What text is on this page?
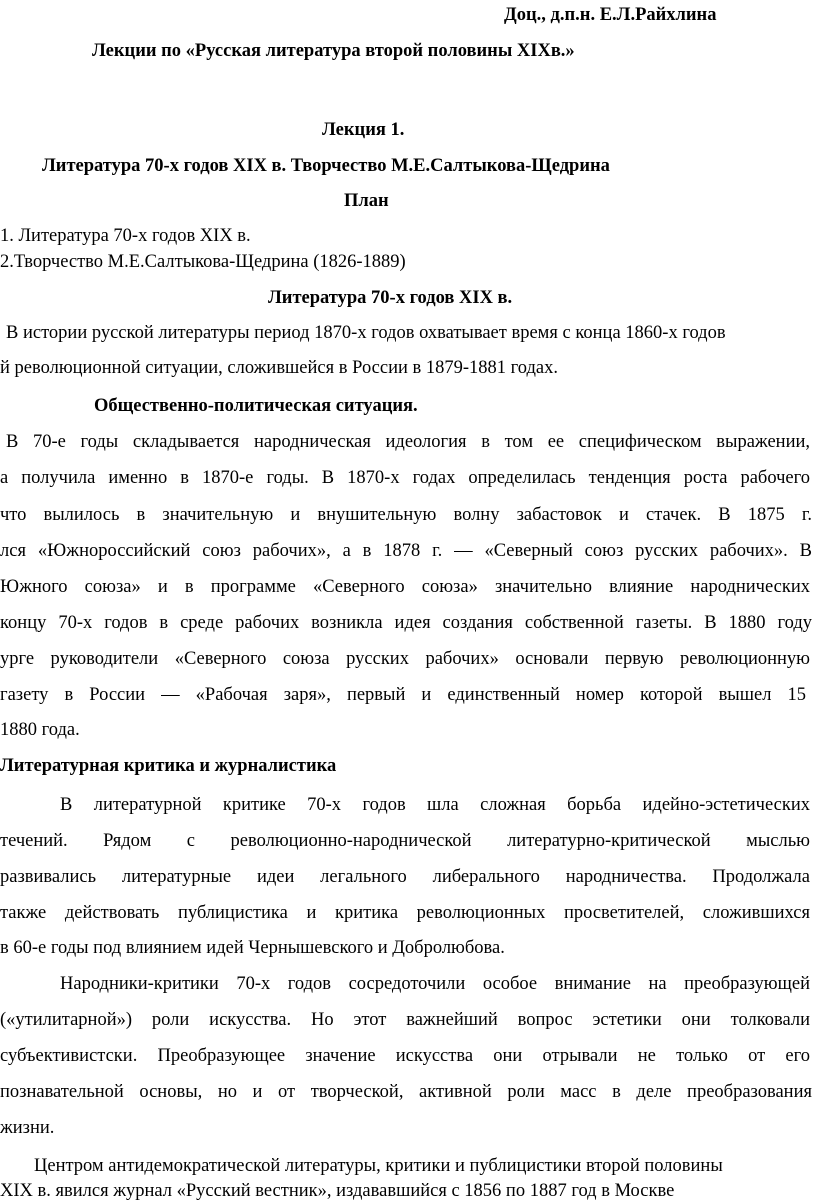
Доц., д.п.н. Е.Л.Райхлина
Лекции по «Русская литература второй половины XIXв.»
Лекция 1.
Литература 70-х годов XIX в. Творчество М.Е.Салтыкова-Щедрина
План
1. Литература 70-х годов XIX в.
2.Творчество М.Е.Салтыкова-Щедрина (1826-1889)
Литература 70-х годов XIX в.
В истории русской литературы период 1870-х годов охватывает время с конца 1860-х годов
й революционной ситуации, сложившейся в России в 1879-1881 годах.
Общественно-политическая ситуация.
В 70-е годы складывается народническая идеология в том ее специфическом выражении,
а получила именно в 1870-е годы. В 1870-х годах определилась тенденция роста рабочего
что вылилось в значительную и внушительную волну забастовок и стачек. В 1875 г.
лся «Южнороссийский союз рабочих», а в 1878 г. — «Северный союз русских рабочих». В
Южного союза» и в программе «Северного союза» значительно влияние народнических
концу 70-х годов в среде рабочих возникла идея создания собственной газеты. В 1880 году
урге руководители «Северного союза русских рабочих» основали первую революционную
газету в России — «Рабочая заря», первый и единственный номер которой вышел 15
1880 года.
Литературная критика и журналистика
В литературной критике 70-х годов шла сложная борьба идейно-эстетических
течений. Рядом с революционно-народнической литературно-критической мыслью
развивались литературные идеи легального либерального народничества. Продолжала
также действовать публицистика и критика революционных просветителей, сложившихся
в 60-е годы под влиянием идей Чернышевского и Добролюбова.
Народники-критики 70-х годов сосредоточили особое внимание на преобразующей
(«утилитарной») роли искусства. Но этот важнейший вопрос эстетики они толковали
субъективистски. Преобразующее значение искусства они отрывали не только от его
познавательной основы, но и от творческой, активной роли масс в деле преобразования
жизни.
Центром антидемократической литературы, критики и публицистики второй половины
XIX в. явился журнал «Русский вестник», издававшийся с 1856 по 1887 год в Москве
